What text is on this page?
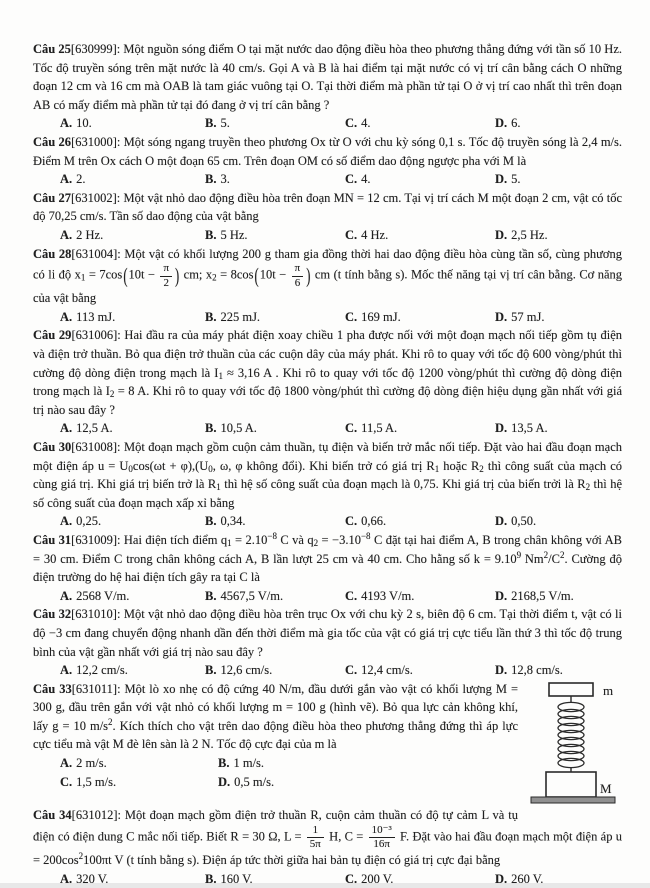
Câu 25[630999]: Một nguồn sóng điểm O tại mặt nước dao động điều hòa theo phương thẳng đứng với tần số 10 Hz. Tốc độ truyền sóng trên mặt nước là 40 cm/s. Gọi A và B là hai điểm tại mặt nước có vị trí cân bằng cách O những đoạn 12 cm và 16 cm mà OAB là tam giác vuông tại O. Tại thời điểm mà phần tử tại O ở vị trí cao nhất thì trên đoạn AB có mấy điểm mà phần tử tại đó đang ở vị trí cân bằng ?
A. 10.	B. 5.	C. 4.	D. 6.
Câu 26[631000]: Một sóng ngang truyền theo phương Ox từ O với chu kỳ sóng 0,1 s. Tốc độ truyền sóng là 2,4 m/s. Điểm M trên Ox cách O một đoạn 65 cm. Trên đoạn OM có số điểm dao động ngược pha với M là
A. 2.	B. 3.	C. 4.	D. 5.
Câu 27[631002]: Một vật nhỏ dao động điều hòa trên đoạn MN = 12 cm. Tại vị trí cách M một đoạn 2 cm, vật có tốc độ 70,25 cm/s. Tần số dao động của vật bằng
A. 2 Hz.	B. 5 Hz.	C. 4 Hz.	D. 2,5 Hz.
Câu 28[631004]: Một vật có khối lượng 200 g tham gia đồng thời hai dao động điều hòa cùng tần số, cùng phương có li độ $x_1 = 7\cos(10t - \frac{\pi}{2}$ ) cm; $x_2 = 8\cos(10t - \frac{\pi}{6}$ ) cm (t tính bằng s). Mốc thế năng tại vị trí cân bằng. Cơ năng của vật bằng
A. 113 mJ.	B. 225 mJ.	C. 169 mJ.	D. 57 mJ.
Câu 29[631006]: Hai đầu ra của máy phát điện xoay chiều 1 pha được nối với một đoạn mạch nối tiếp gồm tụ điện và điện trở thuần. Bỏ qua điện trở thuần của các cuộn dây của máy phát. Khi rô to quay với tốc độ 600 vòng/phút thì cường độ dòng điện trong mạch là $I_1 \approx 3,16$ A . Khi rô to quay với tốc độ 1200 vòng/phút thì cường độ dòng điện trong mạch là $I_2 = 8$ A. Khi rô to quay với tốc độ 1800 vòng/phút thì cường độ dòng điện hiệu dụng gần nhất với giá trị nào sau đây ?
A. 12,5 A.	B. 10,5 A.	C. 11,5 A.	D. 13,5 A.
Câu 30[631008]: Một đoạn mạch gồm cuộn cảm thuần, tụ điện và biến trở mắc nối tiếp. Đặt vào hai đầu đoạn mạch một điện áp $u = U_0\cos(\omega t + \varphi),(U_0$, ω, φ không đổi). Khi biến trở có giá trị $R_1$ hoặc $R_2$ thì công suất của mạch có cùng giá trị. Khi giá trị biến trở là $R_1$ thì hệ số công suất của đoạn mạch là 0,75. Khi giá trị của biến trởi là $R_2$ thì hệ số công suất của đoạn mạch xấp xỉ bằng
A. 0,25.	B. 0,34.	C. 0,66.	D. 0,50.
Câu 31[631009]: Hai điện tích điểm $q_1 = 2.10^{-8}$ C và $q_2 = -3.10^{-8}$ C đặt tại hai điểm A, B trong chân không với AB = 30 cm. Điểm C trong chân không cách A, B lần lượt 25 cm và 40 cm. Cho hằng số $k = 9.10^9$ $Nm^2/C^2$. Cường độ điện trường do hệ hai điện tích gây ra tại C là
A. 2568 V/m.	B. 4567,5 V/m.	C. 4193 V/m.	D. 2168,5 V/m.
Câu 32[631010]: Một vật nhỏ dao động điều hòa trên trục Ox với chu kỳ 2 s, biên độ 6 cm. Tại thời điểm t, vật có li độ −3 cm đang chuyển động nhanh dần đến thời điểm mà gia tốc của vật có giá trị cực tiểu lần thứ 3 thì tốc độ trung bình của vật gần nhất với giá trị nào sau đây ?
A. 12,2 cm/s.	B. 12,6 cm/s.	C. 12,4 cm/s.	D. 12,8 cm/s.
m
M
Câu 33[631011]: Một lò xo nhẹ có độ cứng 40 N/m, đầu dưới gắn vào vật có khối lượng M = 300 g, đầu trên gắn với vật nhỏ có khối lượng m = 100 g (hình vẽ). Bỏ qua lực cản không khí, lấy g = 10 $m/s^2$. Kích thích cho vật trên dao động điều hòa theo phương thẳng đứng thì áp lực cực tiểu mà vật M đè lên sàn là 2 N. Tốc độ cực đại của m là
A. 2 m/s.	B. 1 m/s.
C. 1,5 m/s.	D. 0,5 m/s.
Câu 34[631012]: Một đoạn mạch gồm điện trở thuần R, cuộn cảm thuần có độ tự cảm L và tụ điện có điện dung C mắc nối tiếp. Biết R = 30 Ω, $L = \frac{1}{5\pi} H$, $C = \frac{\text{10⁻³}}{16\pi} F$. Đặt vào hai đầu đoạn mạch một điện áp $u = 200\cos^2100\pi t$ V (t tính bằng s). Điện áp tức thời giữa hai bản tụ điện có giá trị cực đại bằng
A. 320 V.	B. 160 V.	C. 200 V.	D. 260 V.
